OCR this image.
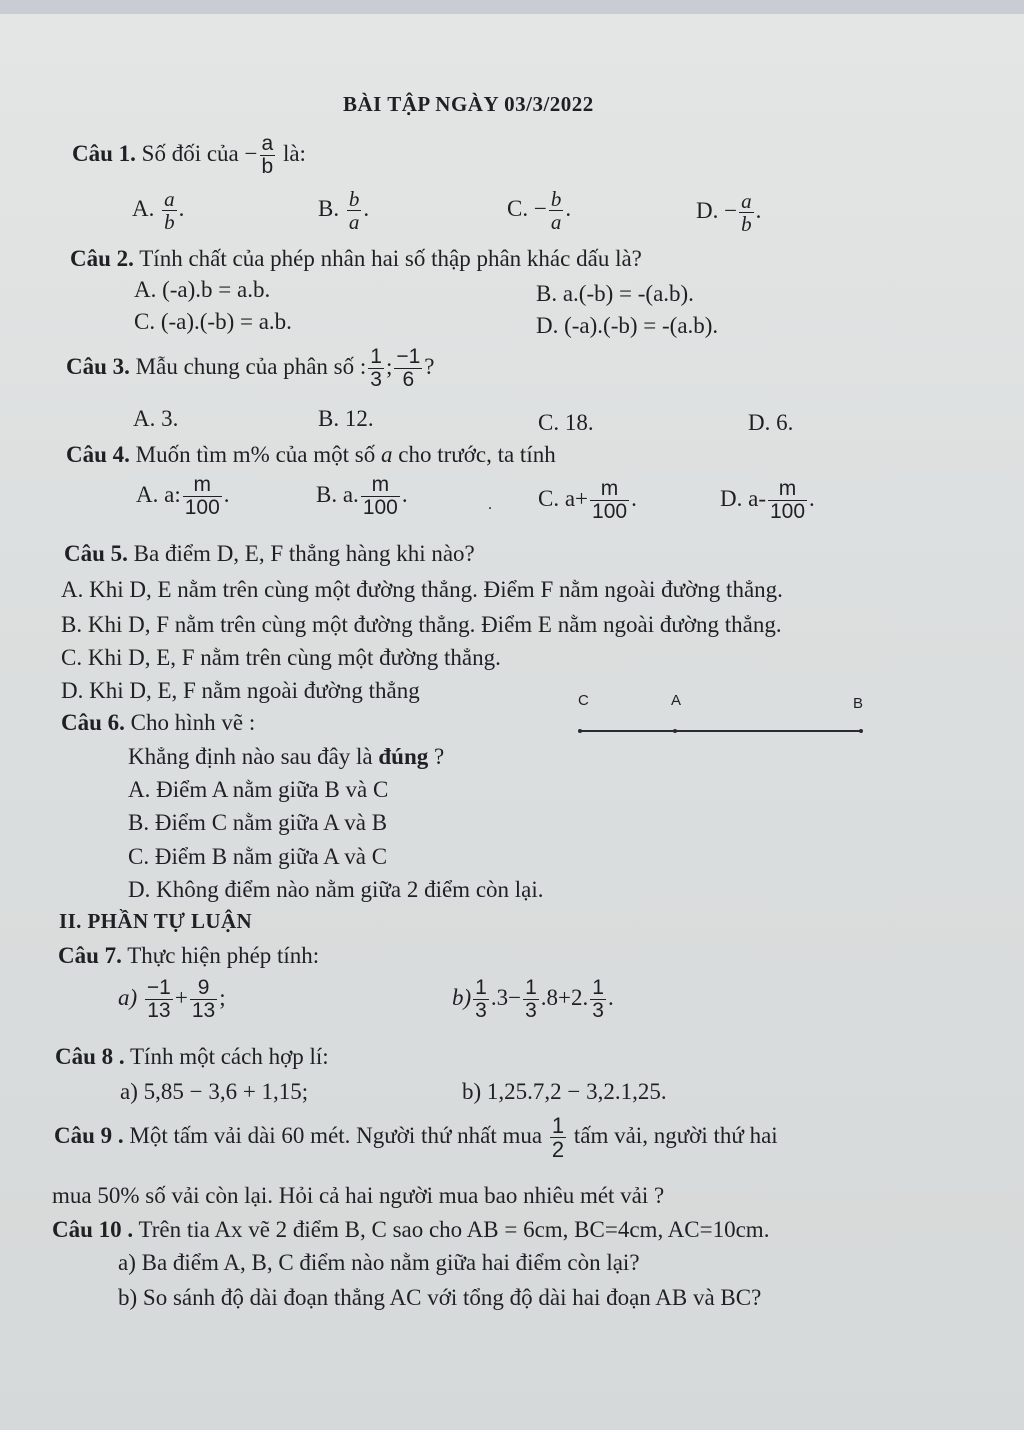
BÀI TẬP NGÀY 03/3/2022
Câu 1. Số đối của − $\frac{a}{b}$ là:
A. $\frac{a}{b}$ .	B. $\frac{b}{a}$ .	C. − $\frac{b}{a}$ .	D. − $\frac{a}{b}$ .
Câu 2. Tính chất của phép nhân hai số thập phân khác dấu là?
A. (-a).b = a.b.	B. a.(-b) = -(a.b).
C. (-a).(-b) = a.b.	D. (-a).(-b) = -(a.b).
Câu 3. Mẫu chung của phân số : $\frac{1}{3}$ ; $\frac{-1}{6}$ ?
A. 3.	B. 12.	C. 18.	D. 6.
Câu 4. Muốn tìm m% của một số a cho trước, ta tính
A. a: $\frac{m}{100}$ .	B. a. $\frac{m}{100}$ .	. C. $a+ \frac{m}{100}$ .	D. $a- \frac{m}{100}$ .
Câu 5. Ba điểm D, E, F thẳng hàng khi nào?
A. Khi D, E nằm trên cùng một đường thẳng. Điểm F nằm ngoài đường thẳng.
B. Khi D, F nằm trên cùng một đường thẳng. Điểm E nằm ngoài đường thẳng.
C. Khi D, E, F nằm trên cùng một đường thẳng.
D. Khi D, E, F nằm ngoài đường thẳng	C	A	B
Câu 6. Cho hình vẽ :
Khẳng định nào sau đây là đúng ?
A. Điểm A nằm giữa B và C
B. Điểm C nằm giữa A và B
C. Điểm B nằm giữa A và C
D. Không điểm nào nằm giữa 2 điểm còn lại.
II. PHẦN TỰ LUẬN
Câu 7. Thực hiện phép tính:
$a) \frac{-1}{13} + \frac{9}{13}$ ;	$b) \frac{1}{3} .3- \frac{1}{3} .8+2$. $\frac{1}{3}$ .
Câu 8 . Tính một cách hợp lí:
a) 5,85 − 3,6 + 1,15;	b) 1,25.7,2 − 3,2.1,25.
Câu 9 . Một tấm vải dài 60 mét. Người thứ nhất mua $\frac{1}{2}$ tấm vải, người thứ hai
mua 50% số vải còn lại. Hỏi cả hai người mua bao nhiêu mét vải ?
Câu 10 . Trên tia Ax vẽ 2 điểm B, C sao cho AB = 6cm, BC=4cm, AC=10cm.
a) Ba điểm A, B, C điểm nào nằm giữa hai điểm còn lại?
b) So sánh độ dài đoạn thẳng AC với tổng độ dài hai đoạn AB và BC?
